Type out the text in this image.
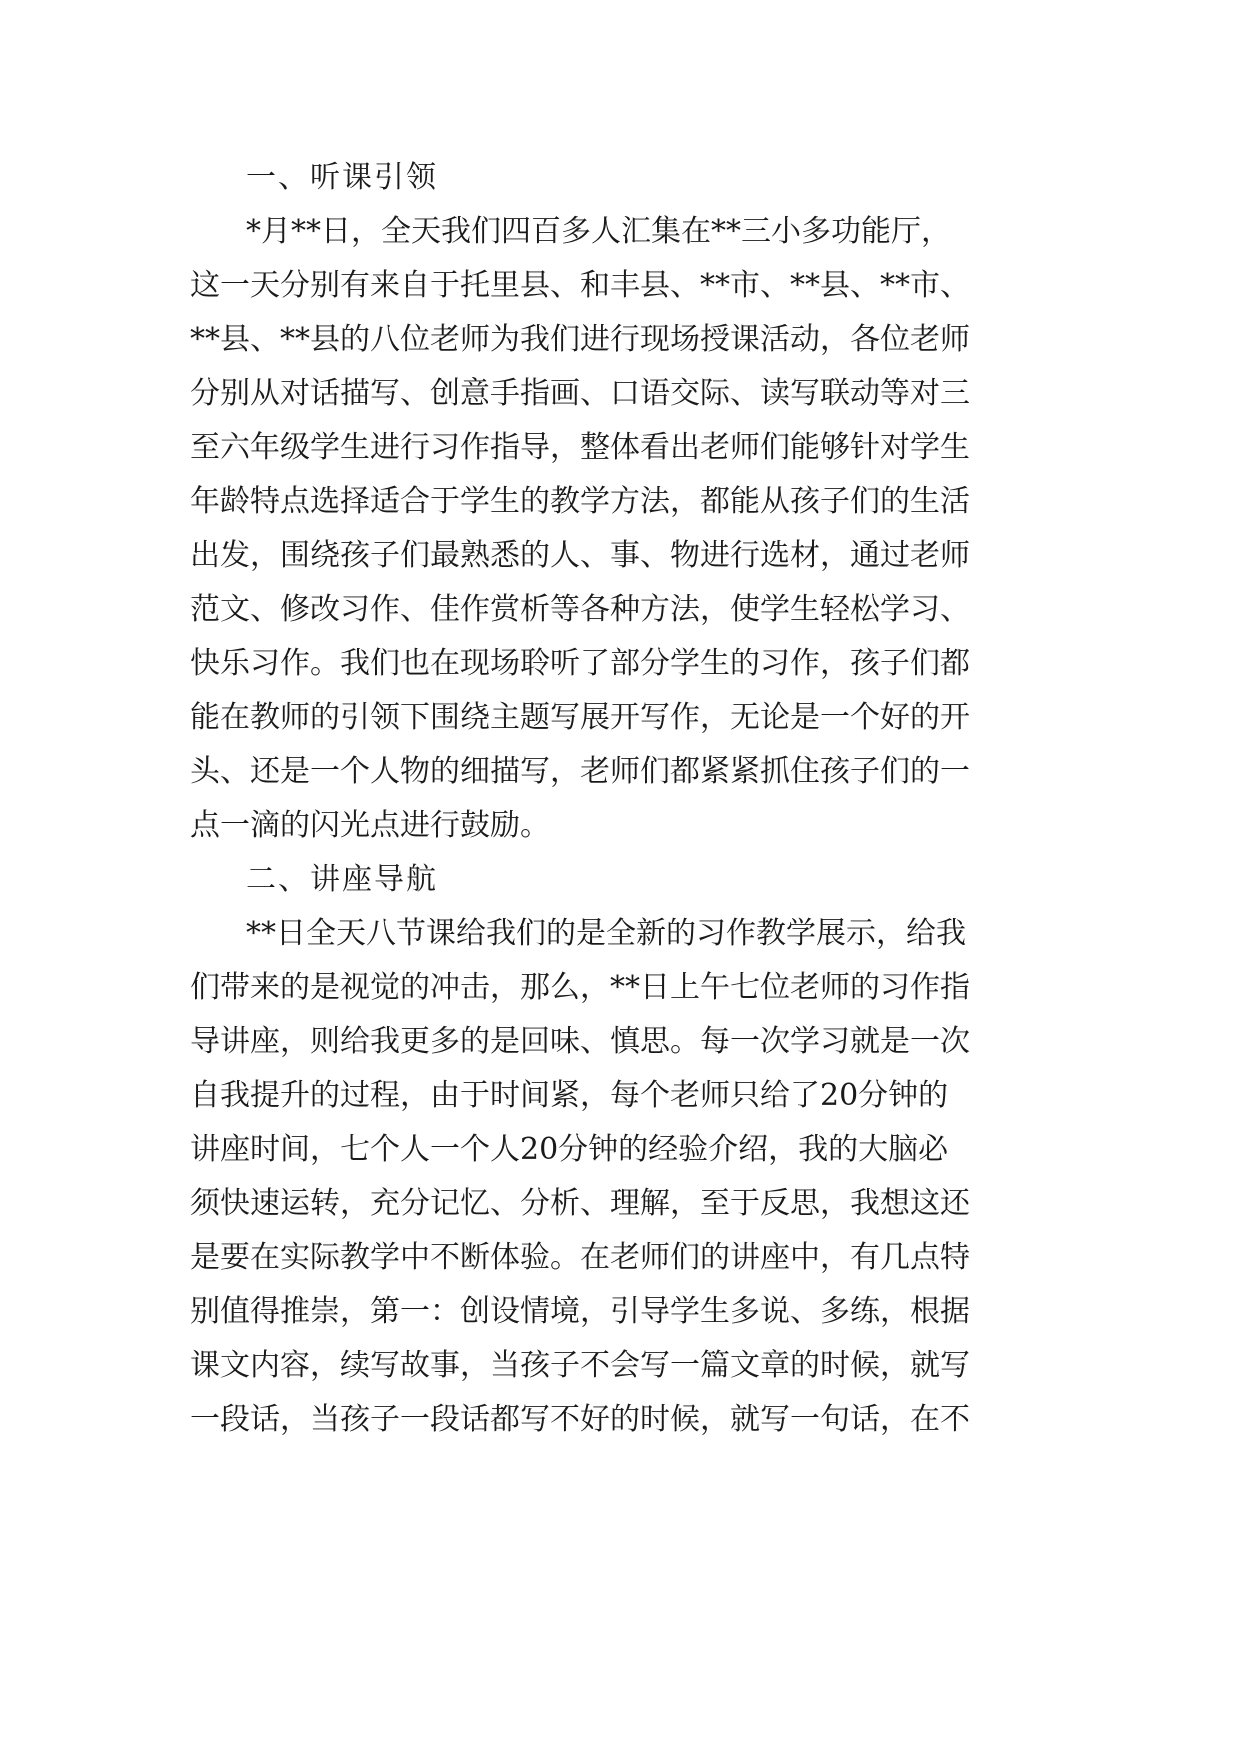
一、听课引领
*月**日，全天我们四百多人汇集在**三小多功能厅，
这一天分别有来自于托里县、和丰县、**市、**县、**市、
**县、**县的八位老师为我们进行现场授课活动，各位老师
分别从对话描写、创意手指画、口语交际、读写联动等对三
至六年级学生进行习作指导，整体看出老师们能够针对学生
年龄特点选择适合于学生的教学方法，都能从孩子们的生活
出发，围绕孩子们最熟悉的人、事、物进行选材，通过老师
范文、修改习作、佳作赏析等各种方法，使学生轻松学习、
快乐习作。我们也在现场聆听了部分学生的习作，孩子们都
能在教师的引领下围绕主题写展开写作，无论是一个好的开
头、还是一个人物的细描写，老师们都紧紧抓住孩子们的一
点一滴的闪光点进行鼓励。
二、讲座导航
**日全天八节课给我们的是全新的习作教学展示，给我
们带来的是视觉的冲击，那么，**日上午七位老师的习作指
导讲座，则给我更多的是回味、慎思。每一次学习就是一次
自我提升的过程，由于时间紧，每个老师只给了20分钟的
讲座时间，七个人一个人20分钟的经验介绍，我的大脑必
须快速运转，充分记忆、分析、理解，至于反思，我想这还
是要在实际教学中不断体验。在老师们的讲座中，有几点特
别值得推崇，第一：创设情境，引导学生多说、多练，根据
课文内容，续写故事，当孩子不会写一篇文章的时候，就写
一段话，当孩子一段话都写不好的时候，就写一句话，在不
